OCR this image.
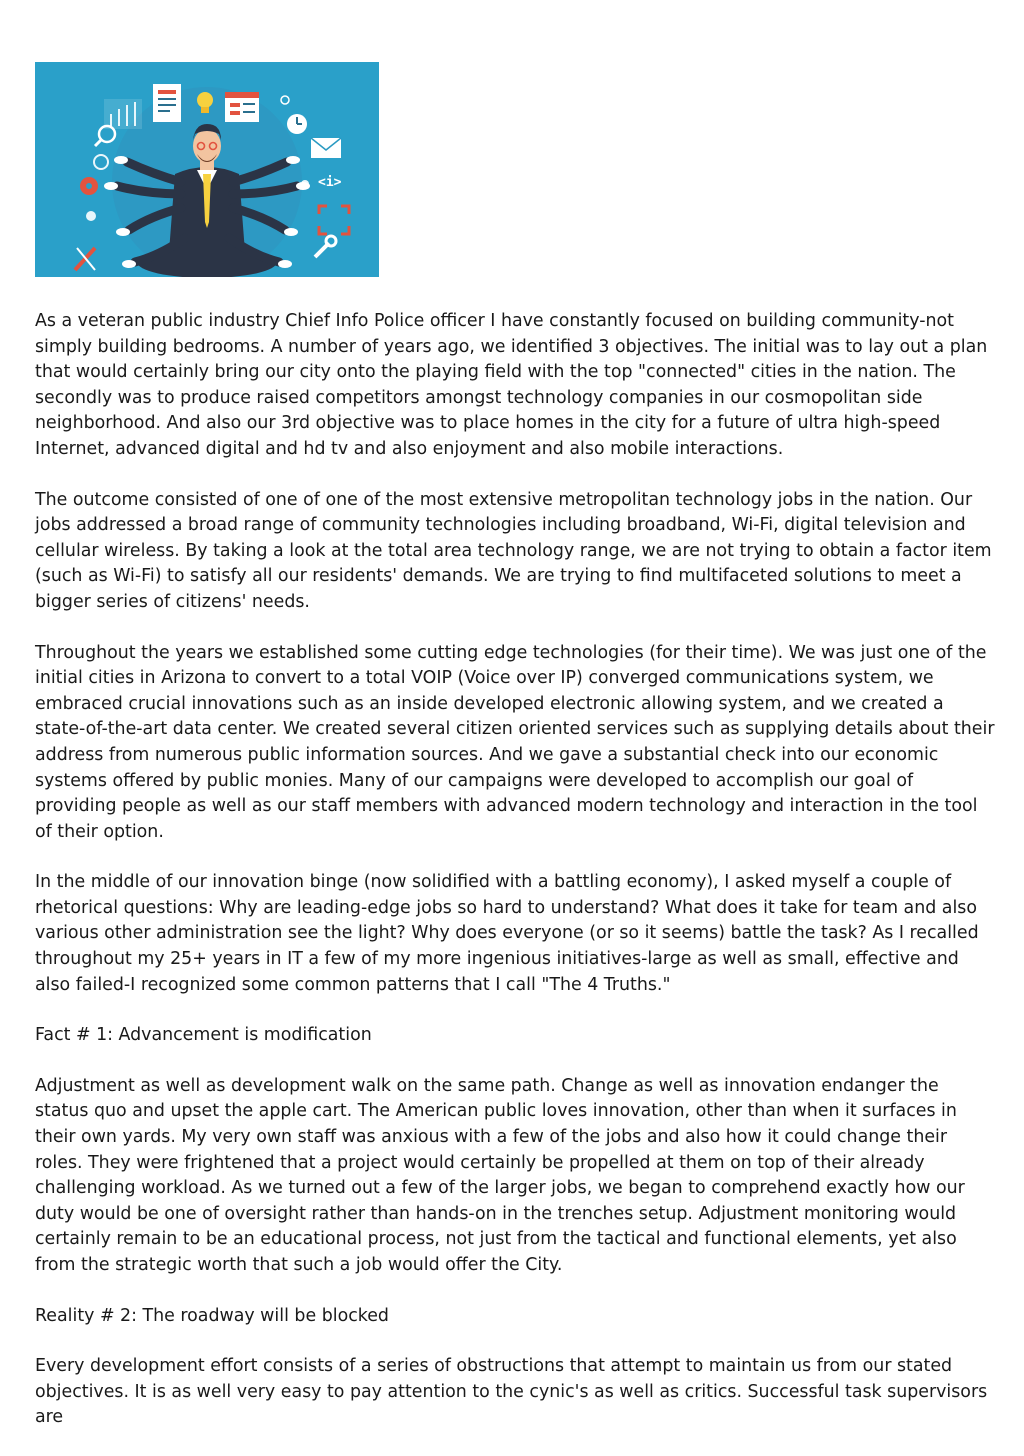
<i>

As a veteran public industry Chief Info Police officer I have constantly focused on building community-not simply building bedrooms. A number of years ago, we identified 3 objectives. The initial was to lay out a plan that would certainly bring our city onto the playing field with the top "connected" cities in the nation. The secondly was to produce raised competitors amongst technology companies in our cosmopolitan side neighborhood. And also our 3rd objective was to place homes in the city for a future of ultra high-speed Internet, advanced digital and hd tv and also enjoyment and also mobile interactions.

The outcome consisted of one of one of the most extensive metropolitan technology jobs in the nation. Our jobs addressed a broad range of community technologies including broadband, Wi-Fi, digital television and cellular wireless. By taking a look at the total area technology range, we are not trying to obtain a factor item (such as Wi-Fi) to satisfy all our residents' demands. We are trying to find multifaceted solutions to meet a bigger series of citizens' needs.

Throughout the years we established some cutting edge technologies (for their time). We was just one of the initial cities in Arizona to convert to a total VOIP (Voice over IP) converged communications system, we embraced crucial innovations such as an inside developed electronic allowing system, and we created a state-of-the-art data center. We created several citizen oriented services such as supplying details about their address from numerous public information sources. And we gave a substantial check into our economic systems offered by public monies. Many of our campaigns were developed to accomplish our goal of providing people as well as our staff members with advanced modern technology and interaction in the tool of their option.

In the middle of our innovation binge (now solidified with a battling economy), I asked myself a couple of rhetorical questions: Why are leading-edge jobs so hard to understand? What does it take for team and also various other administration see the light? Why does everyone (or so it seems) battle the task? As I recalled throughout my 25+ years in IT a few of my more ingenious initiatives-large as well as small, effective and also failed-I recognized some common patterns that I call "The 4 Truths."

Fact # 1: Advancement is modification

Adjustment as well as development walk on the same path. Change as well as innovation endanger the status quo and upset the apple cart. The American public loves innovation, other than when it surfaces in their own yards. My very own staff was anxious with a few of the jobs and also how it could change their roles. They were frightened that a project would certainly be propelled at them on top of their already challenging workload. As we turned out a few of the larger jobs, we began to comprehend exactly how our duty would be one of oversight rather than hands-on in the trenches setup. Adjustment monitoring would certainly remain to be an educational process, not just from the tactical and functional elements, yet also from the strategic worth that such a job would offer the City.

Reality # 2: The roadway will be blocked

Every development effort consists of a series of obstructions that attempt to maintain us from our stated objectives. It is as well very easy to pay attention to the cynic's as well as critics. Successful task supervisors are
